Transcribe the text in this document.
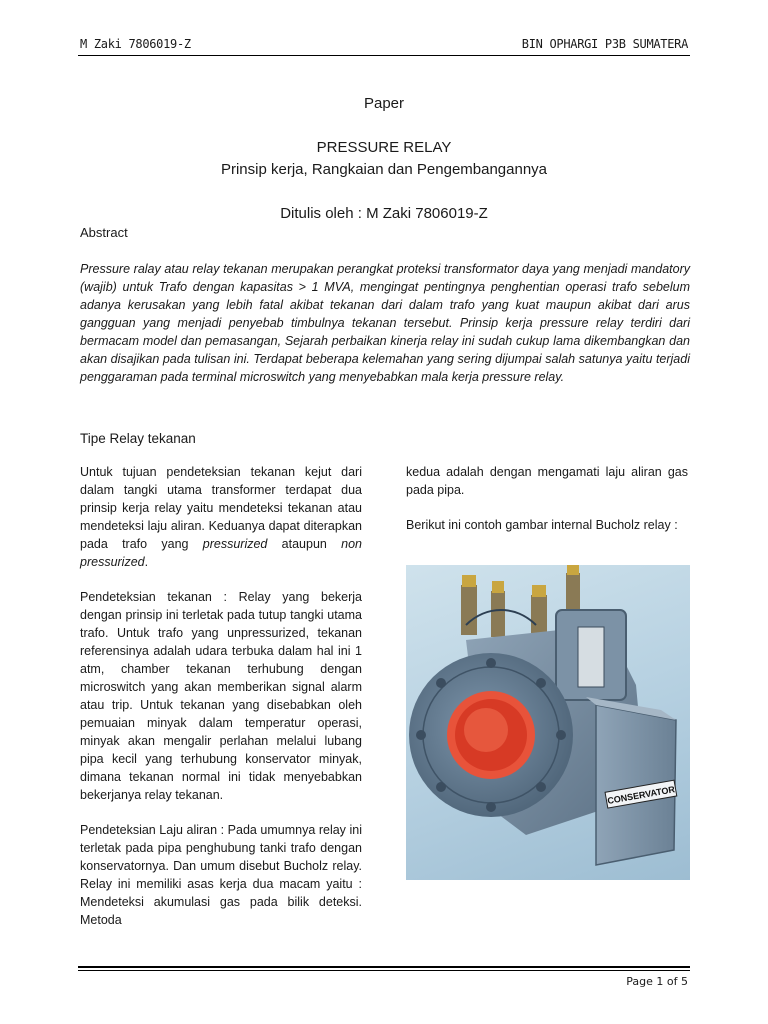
M Zaki 7806019-Z	BIN OPHARGI P3B SUMATERA
Paper
PRESSURE RELAY
Prinsip kerja, Rangkaian dan Pengembangannya
Ditulis oleh : M Zaki 7806019-Z
Abstract
Pressure ralay atau relay tekanan merupakan perangkat proteksi transformator daya yang menjadi mandatory (wajib) untuk Trafo dengan kapasitas > 1 MVA, mengingat pentingnya penghentian operasi trafo sebelum adanya kerusakan yang lebih fatal akibat tekanan dari dalam trafo yang kuat maupun akibat dari arus gangguan yang menjadi penyebab timbulnya tekanan tersebut. Prinsip kerja pressure relay terdiri dari bermacam model dan pemasangan, Sejarah perbaikan kinerja relay ini sudah cukup lama dikembangkan dan akan disajikan pada tulisan ini. Terdapat beberapa kelemahan yang sering dijumpai salah satunya yaitu terjadi penggaraman pada terminal microswitch yang menyebabkan mala kerja pressure relay.
Tipe Relay tekanan

Untuk tujuan pendeteksian tekanan kejut dari dalam tangki utama transformer terdapat dua prinsip kerja relay yaitu mendeteksi tekanan atau mendeteksi laju aliran. Keduanya dapat diterapkan pada trafo yang pressurized ataupun non pressurized.

Pendeteksian tekanan : Relay yang bekerja dengan prinsip ini terletak pada tutup tangki utama trafo. Untuk trafo yang unpressurized, tekanan referensinya adalah udara terbuka dalam hal ini 1 atm, chamber tekanan terhubung dengan microswitch yang akan memberikan signal alarm atau trip. Untuk tekanan yang disebabkan oleh pemuaian minyak dalam temperatur operasi, minyak akan mengalir perlahan melalui lubang pipa kecil yang terhubung konservator minyak, dimana tekanan normal ini tidak menyebabkan bekerjanya relay tekanan.

Pendeteksian Laju aliran : Pada umumnya relay ini terletak pada pipa penghubung tanki trafo dengan konservatornya. Dan umum disebut Bucholz relay. Relay ini memiliki asas kerja dua macam yaitu : Mendeteksi akumulasi gas pada bilik deteksi. Metoda

kedua adalah dengan mengamati laju aliran gas pada pipa.

Berikut ini contoh gambar internal Bucholz relay :

CONSERVATOR
Page 1 of 5
